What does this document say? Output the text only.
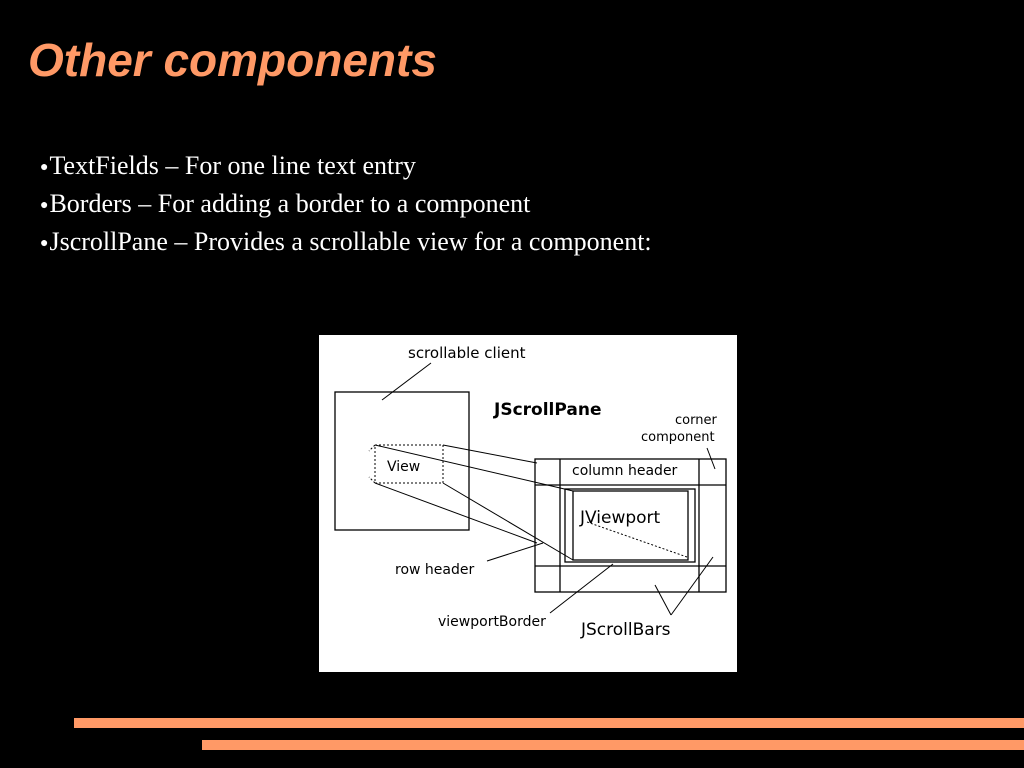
Other components
●TextFields – For one line text entry
●Borders – For adding a border to a component
●JscrollPane – Provides a scrollable view for a component:
scrollable client
View
JScrollPane
corner
component
column header
JViewport
row header
viewportBorder JScrollBars
